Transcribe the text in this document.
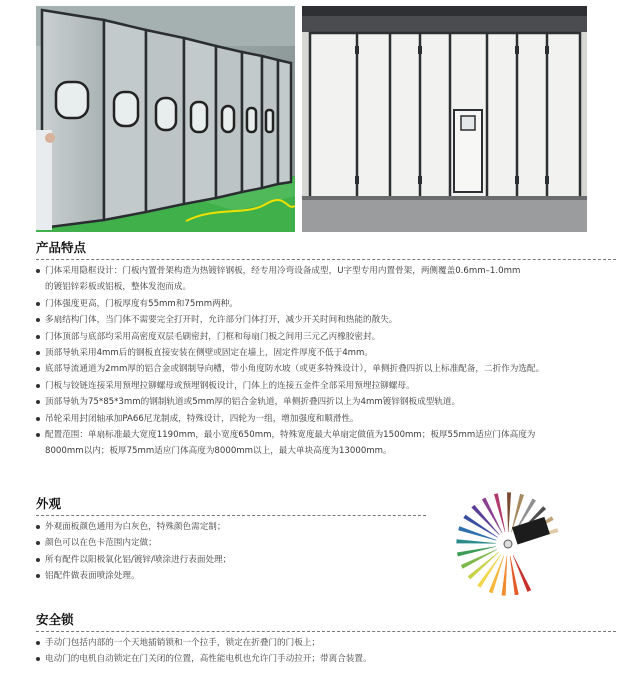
产品特点
门体采用隐框设计：门板内置骨架构造为热镀锌钢板，经专用冷弯设备成型，U字型专用内置骨架，两侧覆盖0.6mm–1.0mm
的镀铝锌彩板或铝板，整体发泡而成。
门体强度更高，门板厚度有55mm和75mm两种。
多扇结构门体，当门体不需要完全打开时，允许部分门体打开，减少开关时间和热能的散失。
门体顶部与底部均采用高密度双层毛刷密封，门框和每扇门板之间用三元乙丙橡胶密封。
顶部导轨采用4mm后的钢板直接安装在侧壁或固定在墙上，固定件厚度不低于4mm。
底部导流通道为2mm厚的铝合金或钢制导向槽，带小角度防水坡（或更多特殊设计），单侧折叠四折以上标准配备，二折作为选配。
门板与铰链连接采用预埋拉铆螺母或预埋钢板设计，门体上的连接五金件全部采用预埋拉铆螺母。
顶部导轨为75*85*3mm的钢制轨道或5mm厚的铝合金轨道，单侧折叠四折以上为4mm镀锌钢板成型轨道。
吊轮采用封闭轴承加PA66尼龙制成，特殊设计，四轮为一组，增加强度和顺滑性。
配置范围：单扇标准最大宽度1190mm，最小宽度650mm，特殊宽度最大单扇定做值为1500mm；板厚55mm适应门体高度为
8000mm以内；板厚75mm适应门体高度为8000mm以上，最大单块高度为13000mm。
外观
外观面板颜色通用为白灰色，特殊颜色需定制；
颜色可以在色卡范围内定做；
所有配件以阳极氧化铝/镀锌/喷涂进行表面处理；
铝配件做表面喷涂处理。
安全锁
手动门包括内部的一个天地插销锁和一个拉手，锁定在折叠门的门板上；
电动门的电机自动锁定在门关闭的位置，高性能电机也允许门手动拉开；带离合装置。
